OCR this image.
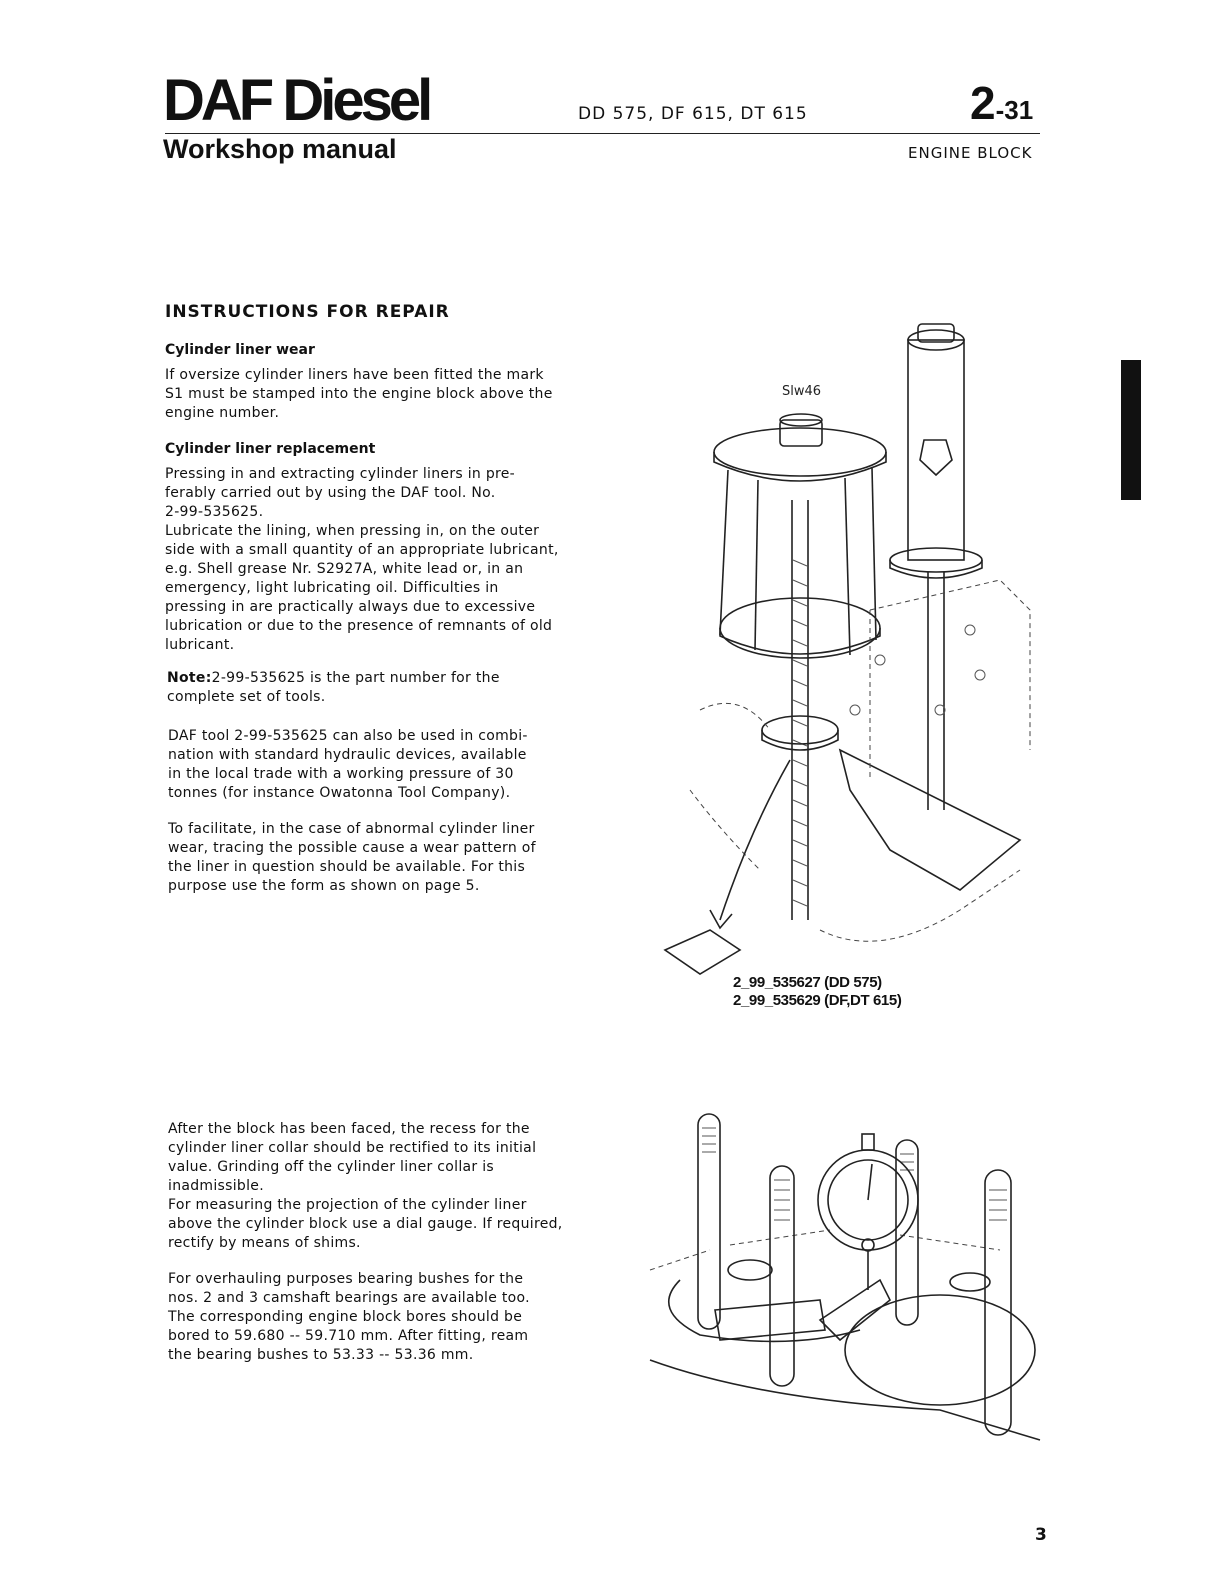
DAF Diesel	DD 575, DF 615, DT 615	2-31
Workshop manual	ENGINE BLOCK
INSTRUCTIONS FOR REPAIR
Cylinder liner wear
If oversize cylinder liners have been fitted the mark
S1 must be stamped into the engine block above the
engine number.
Cylinder liner replacement
Pressing in and extracting cylinder liners in pre-
ferably carried out by using the DAF tool. No.
2-99-535625.
Lubricate the lining, when pressing in, on the outer
side with a small quantity of an appropriate lubricant,
e.g. Shell grease Nr. S2927A, white lead or, in an
emergency, light lubricating oil. Difficulties in
pressing in are practically always due to excessive
lubrication or due to the presence of remnants of old
lubricant.
Note:2-99-535625 is the part number for the
complete set of tools.
DAF tool 2-99-535625 can also be used in combi-
nation with standard hydraulic devices, available
in the local trade with a working pressure of 30
tonnes (for instance Owatonna Tool Company).
To facilitate, in the case of abnormal cylinder liner
wear, tracing the possible cause a wear pattern of
the liner in question should be available. For this
purpose use the form as shown on page 5.
After the block has been faced, the recess for the
cylinder liner collar should be rectified to its initial
value. Grinding off the cylinder liner collar is
inadmissible.
For measuring the projection of the cylinder liner
above the cylinder block use a dial gauge. If required,
rectify by means of shims.
For overhauling purposes bearing bushes for the
nos. 2 and 3 camshaft bearings are available too.
The corresponding engine block bores should be
bored to 59.680 -- 59.710 mm. After fitting, ream
the bearing bushes to 53.33 -- 53.36 mm.
Slw46
2_99_535627 (DD 575)
2_99_535629 (DF,DT 615)
3
